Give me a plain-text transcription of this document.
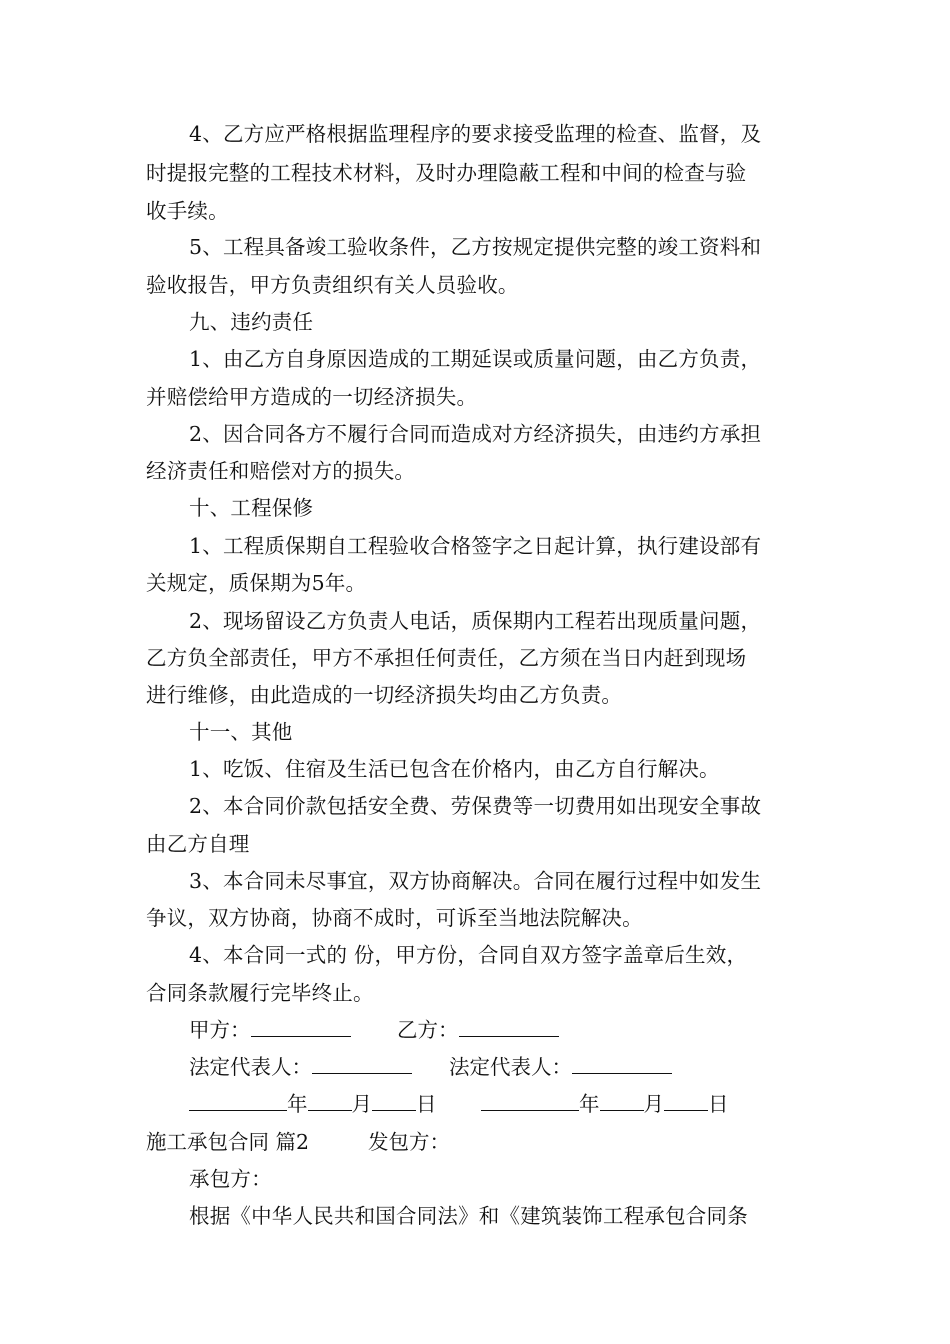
4、乙方应严格根据监理程序的要求接受监理的检查、监督，及
时提报完整的工程技术材料，及时办理隐蔽工程和中间的检查与验
收手续。
5、工程具备竣工验收条件，乙方按规定提供完整的竣工资料和
验收报告，甲方负责组织有关人员验收。
九、违约责任
1、由乙方自身原因造成的工期延误或质量问题，由乙方负责，
并赔偿给甲方造成的一切经济损失。
2、因合同各方不履行合同而造成对方经济损失，由违约方承担
经济责任和赔偿对方的损失。
十、工程保修
1、工程质保期自工程验收合格签字之日起计算，执行建设部有
关规定，质保期为5年。
2、现场留设乙方负责人电话，质保期内工程若出现质量问题，
乙方负全部责任，甲方不承担任何责任，乙方须在当日内赶到现场
进行维修，由此造成的一切经济损失均由乙方负责。
十一、其他
1、吃饭、住宿及生活已包含在价格内，由乙方自行解决。
2、本合同价款包括安全费、劳保费等一切费用如出现安全事故
由乙方自理
3、本合同未尽事宜，双方协商解决。合同在履行过程中如发生
争议，双方协商，协商不成时，可诉至当地法院解决。
4、本合同一式的 份，甲方份，合同自双方签字盖章后生效，
合同条款履行完毕终止。
甲方：	乙方：
法定代表人：	法定代表人：
年 月 日	年 月 日
施工承包合同 篇2	发包方：
承包方：
根据《中华人民共和国合同法》和《建筑装饰工程承包合同条
